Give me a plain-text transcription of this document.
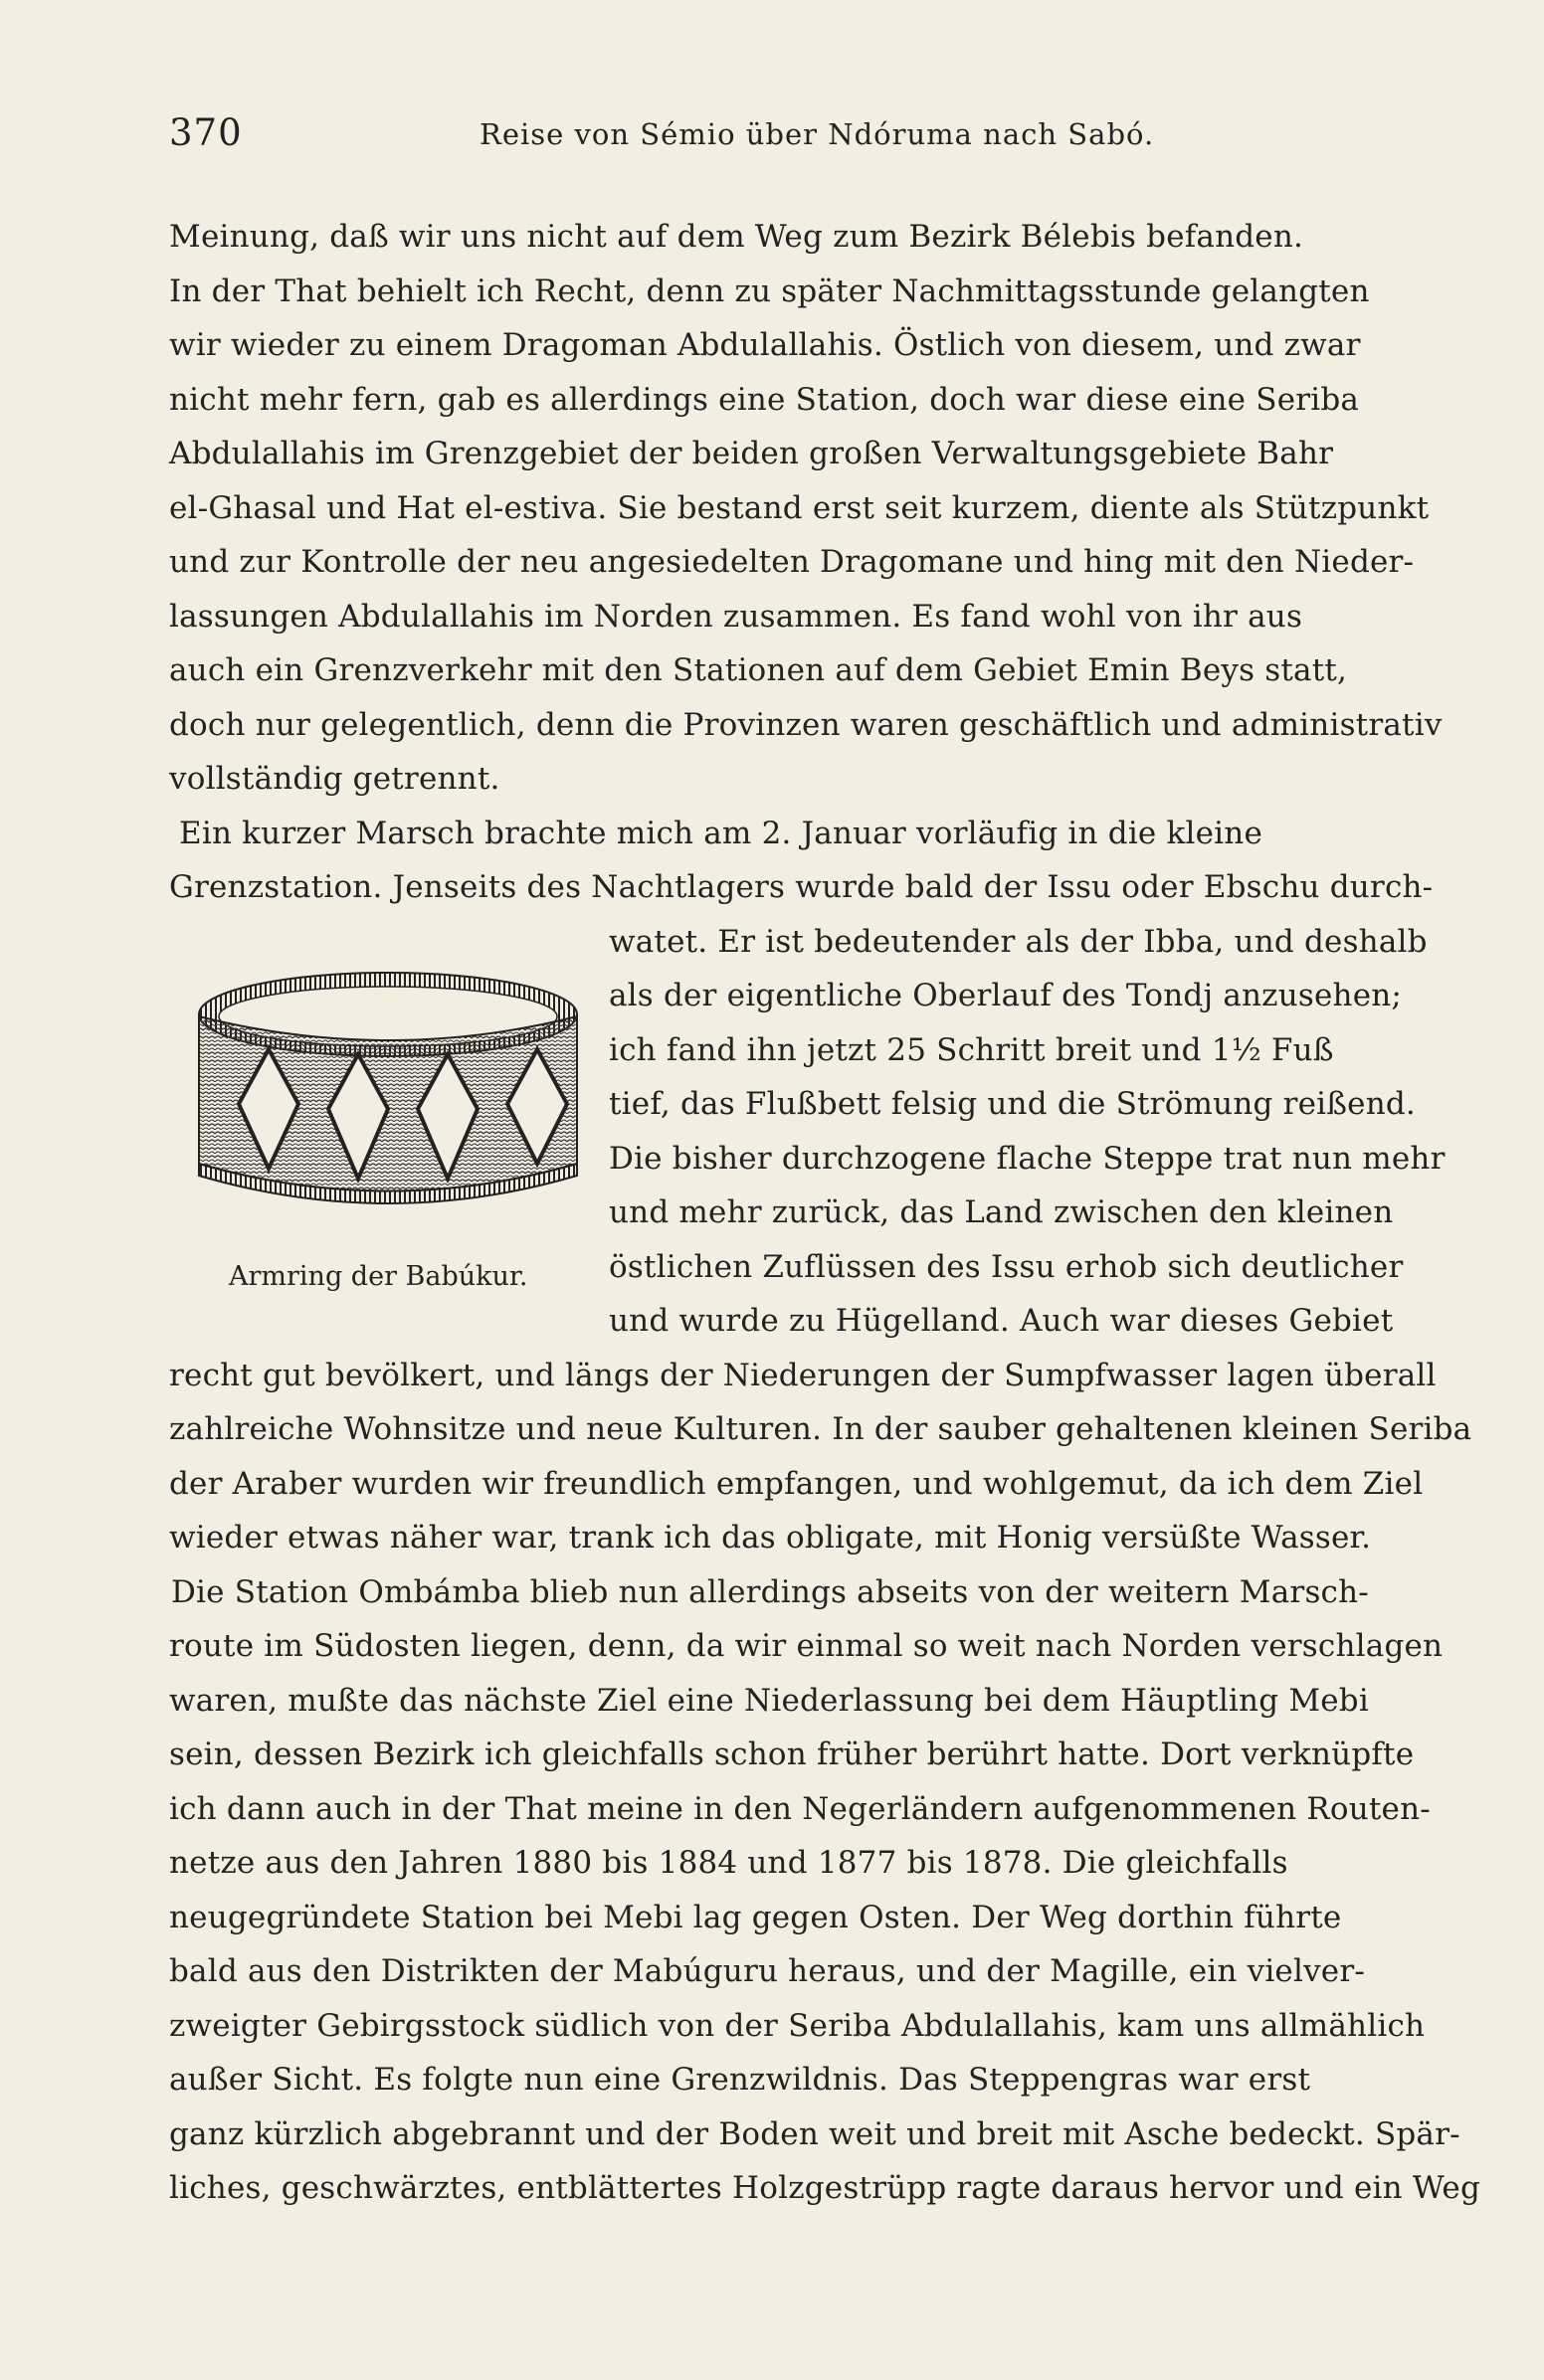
370	Reise von Sémio über Ndóruma nach Sabó.
Meinung, daß wir uns nicht auf dem Weg zum Bezirk Bélebis befanden.
In der That behielt ich Recht, denn zu später Nachmittagsstunde gelangten
wir wieder zu einem Dragoman Abdulallahis. Östlich von diesem, und zwar
nicht mehr fern, gab es allerdings eine Station, doch war diese eine Seriba
Abdulallahis im Grenzgebiet der beiden großen Verwaltungsgebiete Bahr
el-Ghasal und Hat el-estiva. Sie bestand erst seit kurzem, diente als Stützpunkt
und zur Kontrolle der neu angesiedelten Dragomane und hing mit den Nieder-
lassungen Abdulallahis im Norden zusammen. Es fand wohl von ihr aus
auch ein Grenzverkehr mit den Stationen auf dem Gebiet Emin Beys statt,
doch nur gelegentlich, denn die Provinzen waren geschäftlich und administrativ
vollständig getrennt.
Ein kurzer Marsch brachte mich am 2. Januar vorläufig in die kleine
Grenzstation. Jenseits des Nachtlagers wurde bald der Issu oder Ebschu durch-
watet. Er ist bedeutender als der Ibba, und deshalb
als der eigentliche Oberlauf des Tondj anzusehen;
ich fand ihn jetzt 25 Schritt breit und 1½ Fuß
tief, das Flußbett felsig und die Strömung reißend.
Die bisher durchzogene flache Steppe trat nun mehr
und mehr zurück, das Land zwischen den kleinen
östlichen Zuflüssen des Issu erhob sich deutlicher
und wurde zu Hügelland. Auch war dieses Gebiet
recht gut bevölkert, und längs der Niederungen der Sumpfwasser lagen überall
zahlreiche Wohnsitze und neue Kulturen. In der sauber gehaltenen kleinen Seriba
der Araber wurden wir freundlich empfangen, und wohlgemut, da ich dem Ziel
wieder etwas näher war, trank ich das obligate, mit Honig versüßte Wasser.
Die Station Ombámba blieb nun allerdings abseits von der weitern Marsch-
route im Südosten liegen, denn, da wir einmal so weit nach Norden verschlagen
waren, mußte das nächste Ziel eine Niederlassung bei dem Häuptling Mebi
sein, dessen Bezirk ich gleichfalls schon früher berührt hatte. Dort verknüpfte
ich dann auch in der That meine in den Negerländern aufgenommenen Routen-
netze aus den Jahren 1880 bis 1884 und 1877 bis 1878. Die gleichfalls
neugegründete Station bei Mebi lag gegen Osten. Der Weg dorthin führte
bald aus den Distrikten der Mabúguru heraus, und der Magille, ein vielver-
zweigter Gebirgsstock südlich von der Seriba Abdulallahis, kam uns allmählich
außer Sicht. Es folgte nun eine Grenzwildnis. Das Steppengras war erst
ganz kürzlich abgebrannt und der Boden weit und breit mit Asche bedeckt. Spär-
liches, geschwärztes, entblättertes Holzgestrüpp ragte daraus hervor und ein Weg
Armring der Babúkur.
